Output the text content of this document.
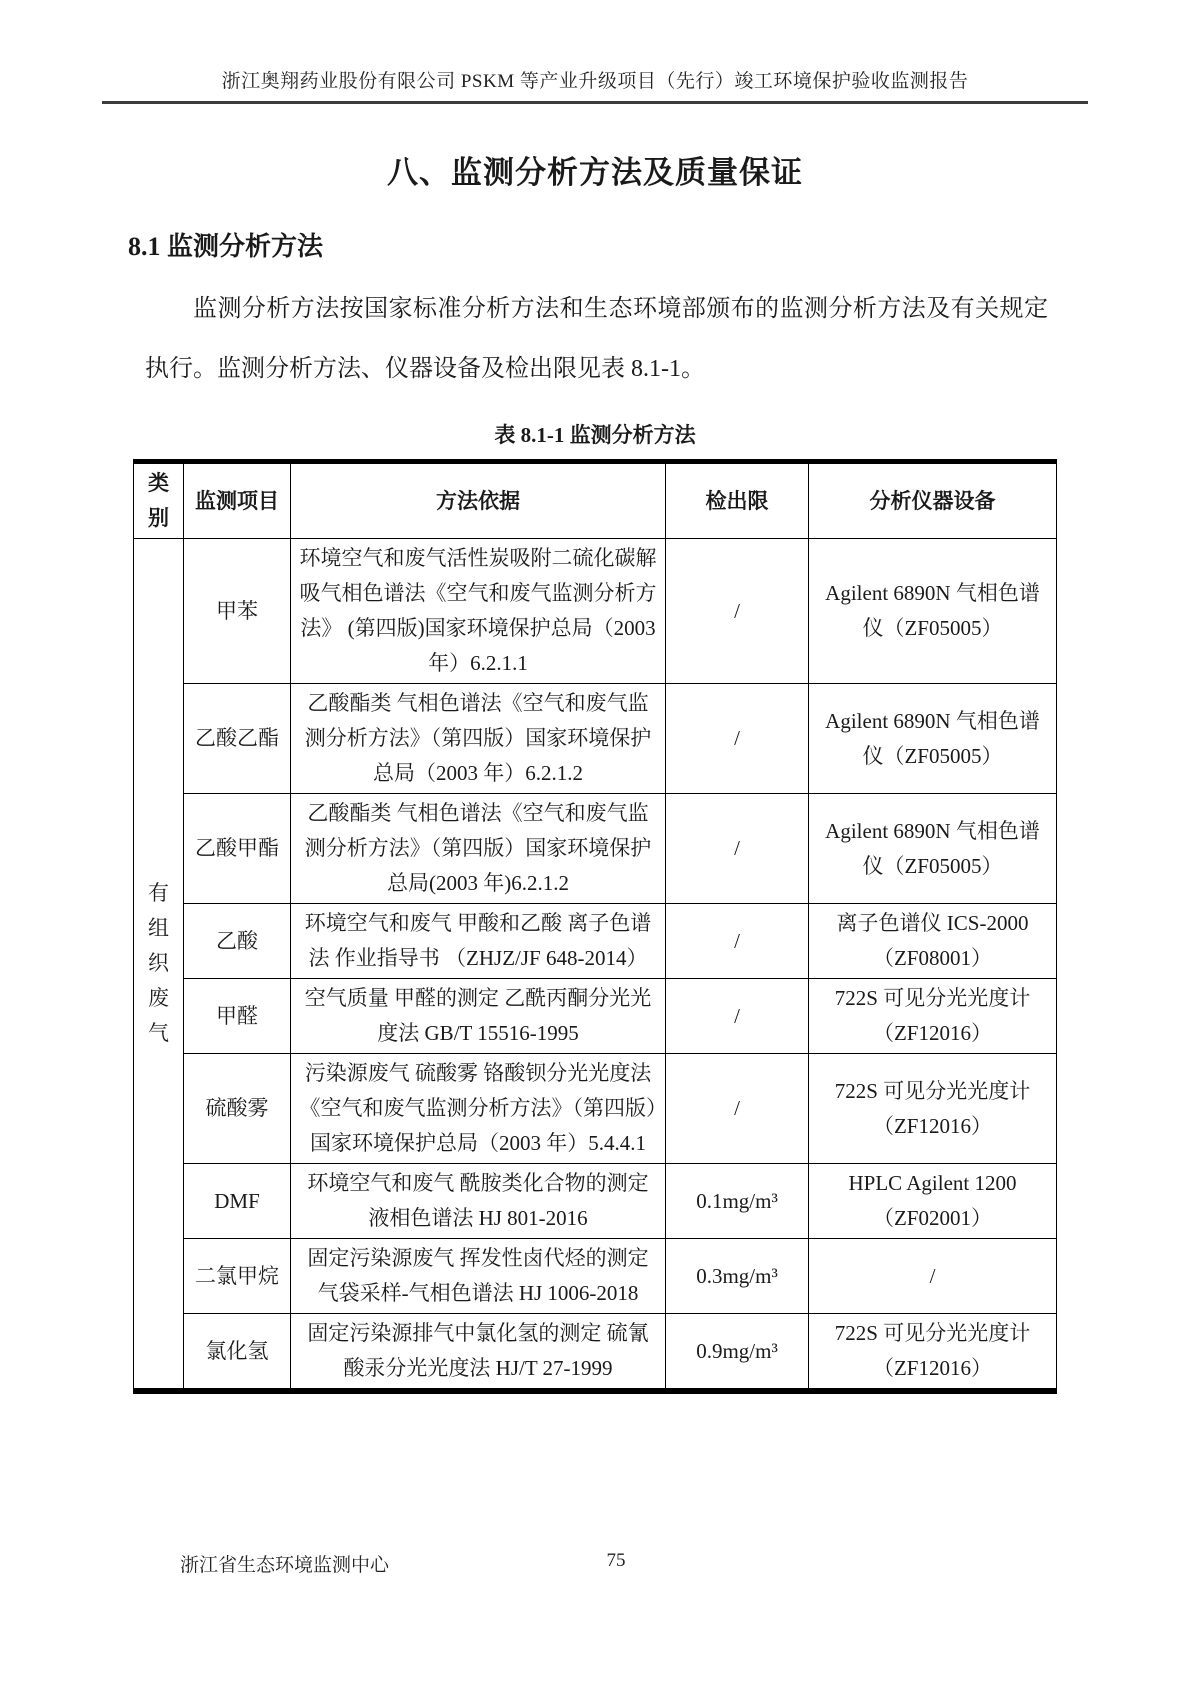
浙江奥翔药业股份有限公司 PSKM 等产业升级项目（先行）竣工环境保护验收监测报告
八、监测分析方法及质量保证
8.1 监测分析方法

监测分析方法按国家标准分析方法和生态环境部颁布的监测分析方法及有关规定执行。监测分析方法、仪器设备及检出限见表 8.1-1。

表 8.1-1 监测分析方法
类别	监测项目	方法依据	检出限	分析仪器设备
有组织废气	甲苯	环境空气和废气活性炭吸附二硫化碳解吸气相色谱法《空气和废气监测分析方法》 (第四版)国家环境保护总局（2003 年）6.2.1.1	/	Agilent 6890N 气相色谱仪（ZF05005）
	乙酸乙酯	乙酸酯类 气相色谱法《空气和废气监测分析方法》（第四版）国家环境保护总局（2003 年）6.2.1.2	/	Agilent 6890N 气相色谱仪（ZF05005）
	乙酸甲酯	乙酸酯类 气相色谱法《空气和废气监测分析方法》（第四版）国家环境保护总局(2003 年)6.2.1.2	/	Agilent 6890N 气相色谱仪（ZF05005）
	乙酸	环境空气和废气 甲酸和乙酸 离子色谱法 作业指导书 （ZHJZ/JF 648-2014）	/	离子色谱仪 ICS-2000（ZF08001）
	甲醛	空气质量 甲醛的测定 乙酰丙酮分光光度法 GB/T 15516-1995	/	722S 可见分光光度计（ZF12016）
	硫酸雾	污染源废气 硫酸雾 铬酸钡分光光度法《空气和废气监测分析方法》（第四版）国家环境保护总局（2003 年）5.4.4.1	/	722S 可见分光光度计（ZF12016）
	DMF	环境空气和废气 酰胺类化合物的测定 液相色谱法 HJ 801-2016	0.1mg/m³	HPLC Agilent 1200（ZF02001）
	二氯甲烷	固定污染源废气 挥发性卤代烃的测定 气袋采样-气相色谱法 HJ 1006-2018	0.3mg/m³	/
	氯化氢	固定污染源排气中氯化氢的测定 硫氰酸汞分光光度法 HJ/T 27-1999	0.9mg/m³	722S 可见分光光度计（ZF12016）
浙江省生态环境监测中心	75
